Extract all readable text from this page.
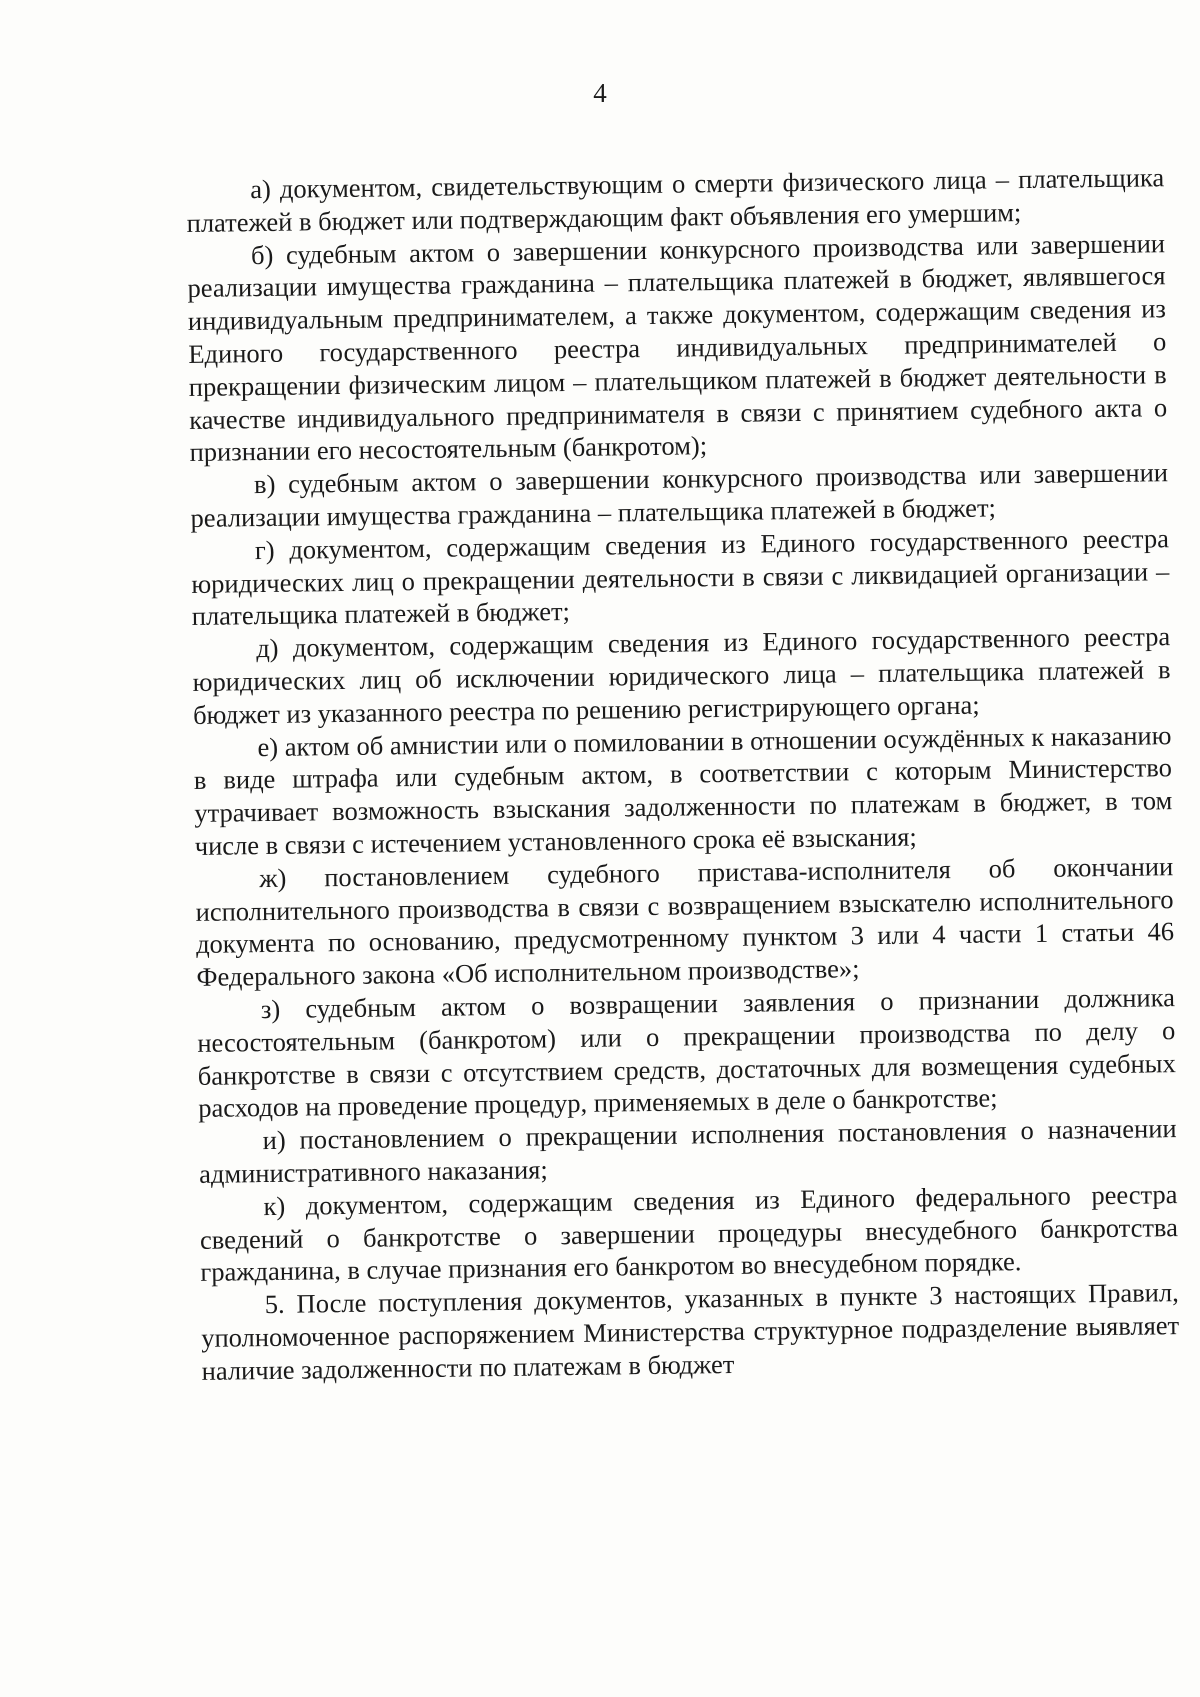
4

а) документом, свидетельствующим о смерти физического лица – плательщика платежей в бюджет или подтверждающим факт объявления его умершим;

б) судебным актом о завершении конкурсного производства или завершении реализации имущества гражданина – плательщика платежей в бюджет, являвшегося индивидуальным предпринимателем, а также документом, содержащим сведения из Единого государственного реестра индивидуальных предпринимателей о прекращении физическим лицом – плательщиком платежей в бюджет деятельности в качестве индивидуального предпринимателя в связи с принятием судебного акта о признании его несостоятельным (банкротом);

в) судебным актом о завершении конкурсного производства или завершении реализации имущества гражданина – плательщика платежей в бюджет;

г) документом, содержащим сведения из Единого государственного реестра юридических лиц о прекращении деятельности в связи с ликвидацией организации – плательщика платежей в бюджет;

д) документом, содержащим сведения из Единого государственного реестра юридических лиц об исключении юридического лица – плательщика платежей в бюджет из указанного реестра по решению регистрирующего органа;

е) актом об амнистии или о помиловании в отношении осуждённых к наказанию в виде штрафа или судебным актом, в соответствии с которым Министерство утрачивает возможность взыскания задолженности по платежам в бюджет, в том числе в связи с истечением установленного срока её взыскания;

ж) постановлением судебного пристава-исполнителя об окончании исполнительного производства в связи с возвращением взыскателю исполнительного документа по основанию, предусмотренному пунктом 3 или 4 части 1 статьи 46 Федерального закона «Об исполнительном производстве»;

з) судебным актом о возвращении заявления о признании должника несостоятельным (банкротом) или о прекращении производства по делу о банкротстве в связи с отсутствием средств, достаточных для возмещения судебных расходов на проведение процедур, применяемых в деле о банкротстве;

и) постановлением о прекращении исполнения постановления о назначении административного наказания;

к) документом, содержащим сведения из Единого федерального реестра сведений о банкротстве о завершении процедуры внесудебного банкротства гражданина, в случае признания его банкротом во внесудебном порядке.

5. После поступления документов, указанных в пункте 3 настоящих Правил, уполномоченное распоряжением Министерства структурное подразделение выявляет наличие задолженности по платежам в бюджет
